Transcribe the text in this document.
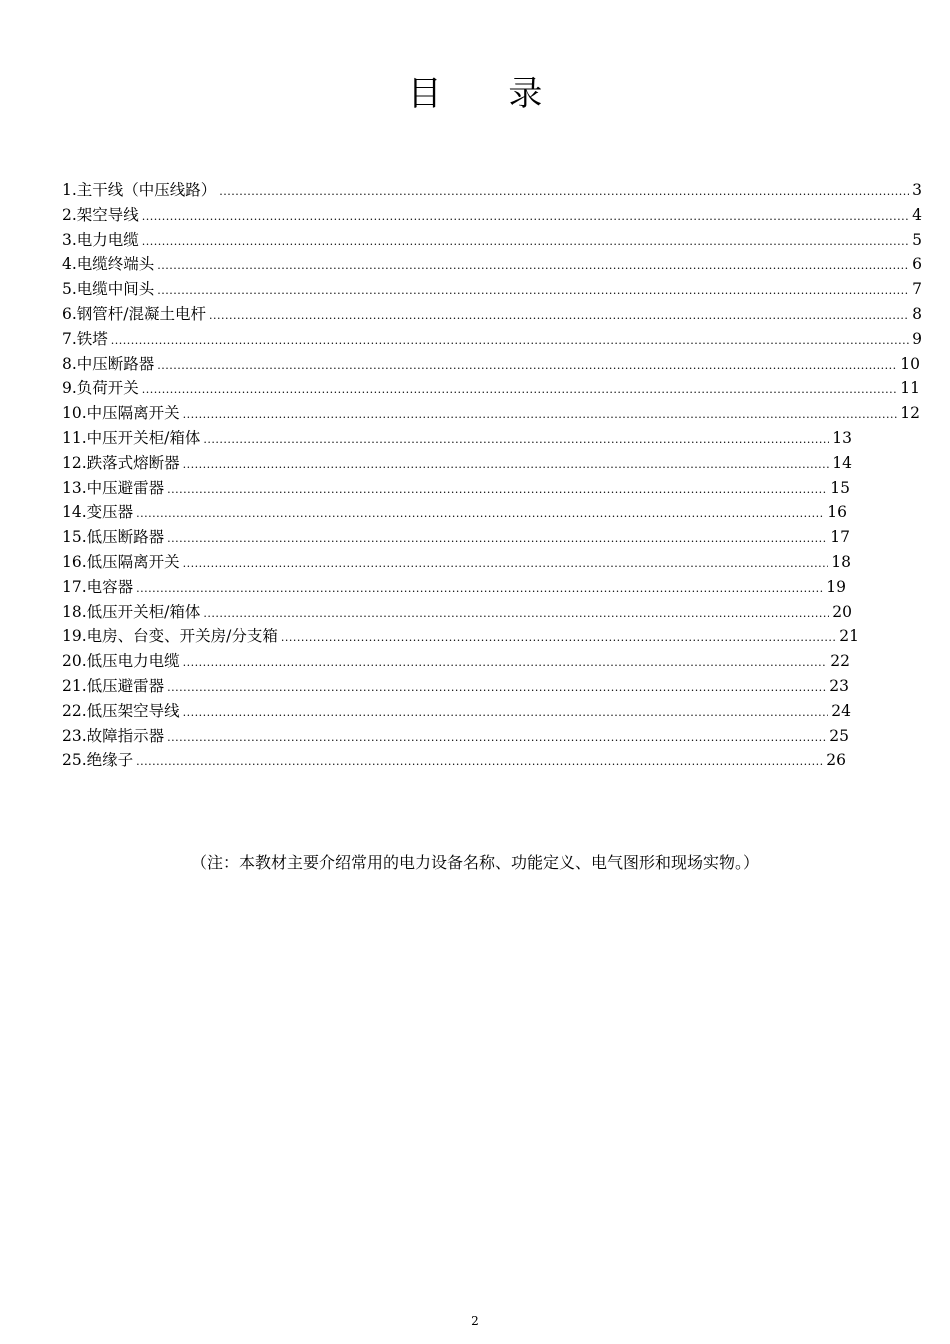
目 录
1.主干线（中压线路） .....	3
2.架空导线 .....	4
3.电力电缆 .....	5
4.电缆终端头 .....	6
5.电缆中间头 .....	7
6.钢管杆/混凝土电杆 .....	8
7.铁塔 .....	9
8.中压断路器 .....	10
9.负荷开关 .....	11
10.中压隔离开关 .....	12
11.中压开关柜/箱体 .....	13
12.跌落式熔断器 .....	14
13.中压避雷器 .....	15
14.变压器 .....	16
15.低压断路器 .....	17
16.低压隔离开关 .....	18
17.电容器 .....	19
18.低压开关柜/箱体 .....	20
19.电房、台变、开关房/分支箱 .....	21
20.低压电力电缆 .....	22
21.低压避雷器 .....	23
22.低压架空导线 .....	24
23.故障指示器 .....	25
25.绝缘子 .....	26

（注：本教材主要介绍常用的电力设备名称、功能定义、电气图形和现场实物。）

2
